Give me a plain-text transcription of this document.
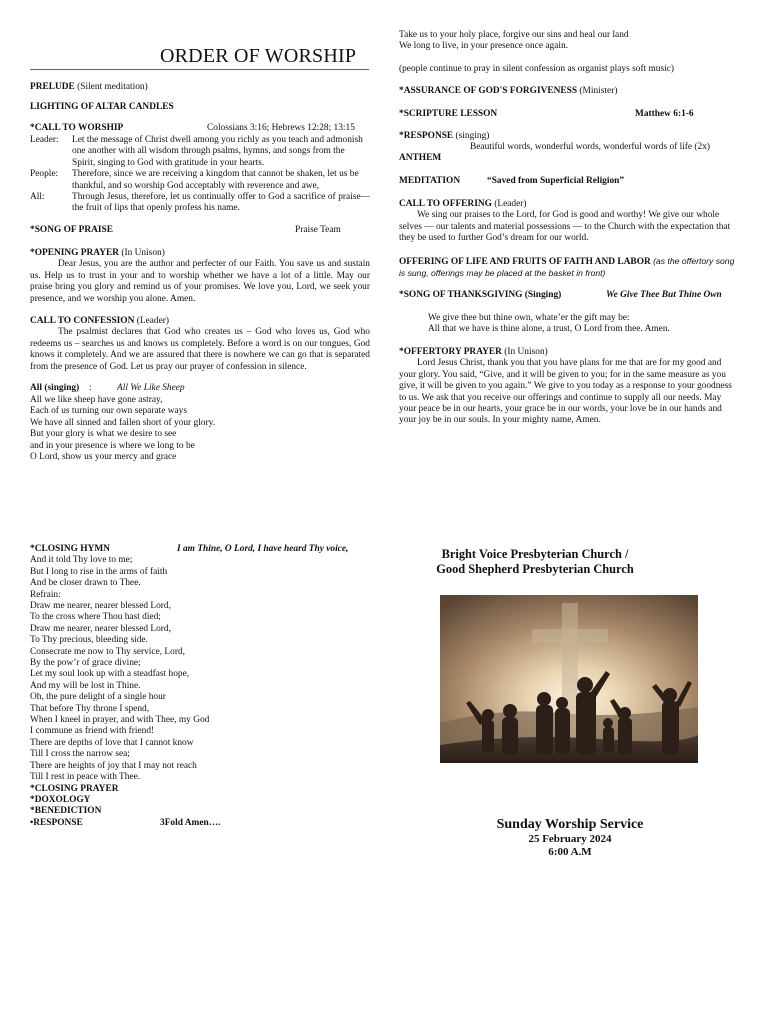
ORDER OF WORSHIP
PRELUDE (Silent meditation)
LIGHTING OF ALTAR CANDLES
*CALL TO WORSHIP	Colossians 3:16; Hebrews 12:28; 13:15
Leader:	Let the message of Christ dwell among you richly as you teach and admonish one another with all wisdom through psalms, hymns, and songs from the Spirit, singing to God with gratitude in your hearts.
People:	Therefore, since we are receiving a kingdom that cannot be shaken, let us be thankful, and so worship God acceptably with reverence and awe,
All:	Through Jesus, therefore, let us continually offer to God a sacrifice of praise—the fruit of lips that openly profess his name.
*SONG OF PRAISE	Praise Team
*OPENING PRAYER (In Unison)

Dear Jesus, you are the author and perfecter of our Faith. You save us and sustain us. Help us to trust in your and to worship whether we have a lot of a little. May our praise bring you glory and remind us of your promises. We love you, Lord, we seek your presence, and we worship you alone. Amen.

CALL TO CONFESSION (Leader)

The psalmist declares that God who creates us – God who loves us, God who redeems us – searches us and knows us completely. Before a word is on our tongues, God knows it completely. And we are assured that there is nowhere we can go that is separated from the presence of God. Let us pray our prayer of confession in silence.

All (singing) :	All We Like Sheep
All we like sheep have gone astray,
Each of us turning our own separate ways
We have all sinned and fallen short of your glory.
But your glory is what we desire to see
and in your presence is where we long to be
O Lord, show us your mercy and grace
Take us to your holy place, forgive our sins and heal our land
We long to live, in your presence once again.
(people continue to pray in silent confession as organist plays soft music)
*ASSURANCE OF GOD'S FORGIVENESS (Minister)
*SCRIPTURE LESSON	Matthew 6:1-6
*RESPONSE (singing)
Beautiful words, wonderful words, wonderful words of life (2x)
ANTHEM
MEDITATION	“Saved from Superficial Religion”
CALL TO OFFERING (Leader)

We sing our praises to the Lord, for God is good and worthy! We give our whole selves — our talents and material possessions — to the Church with the expectation that they be used to further God’s dream for our world.

OFFERING OF LIFE AND FRUITS OF FAITH AND LABOR (as the offertory song is sung, offerings may be placed at the basket in front)
*SONG OF THANKSGIVING (Singing)	We Give Thee But Thine Own
We give thee but thine own, whate’er the gift may be:
All that we have is thine alone, a trust, O Lord from thee. Amen.
*OFFERTORY PRAYER (In Unison)

Lord Jesus Christ, thank you that you have plans for me that are for my good and your glory. You said, “Give, and it will be given to you; for in the same measure as you give, it will be given to you again.” We give to you today as a response to your goodness to us. We ask that you receive our offerings and continue to supply all our needs. May your peace be in our hearts, your grace be in our words, your love be in our hands and your joy be in our souls. In your mighty name, Amen.

*CLOSING HYMN	I am Thine, O Lord, I have heard Thy voice,
And it told Thy love to me;
But I long to rise in the arms of faith
And be closer drawn to Thee.
Refrain:
Draw me nearer, nearer blessed Lord,
To the cross where Thou hast died;
Draw me nearer, nearer blessed Lord,
To Thy precious, bleeding side.
Consecrate me now to Thy service, Lord,
By the pow’r of grace divine;
Let my soul look up with a steadfast hope,
And my will be lost in Thine.
Oh, the pure delight of a single hour
That before Thy throne I spend,
When I kneel in prayer, and with Thee, my God
I commune as friend with friend!
There are depths of love that I cannot know
Till I cross the narrow sea;
There are heights of joy that I may not reach
Till I rest in peace with Thee.
*CLOSING PRAYER
*DOXOLOGY
*BENEDICTION
•RESPONSE	3Fold Amen….
Bright Voice Presbyterian Church /
Good Shepherd Presbyterian Church
Sunday Worship Service
25 February 2024
6:00 A.M
